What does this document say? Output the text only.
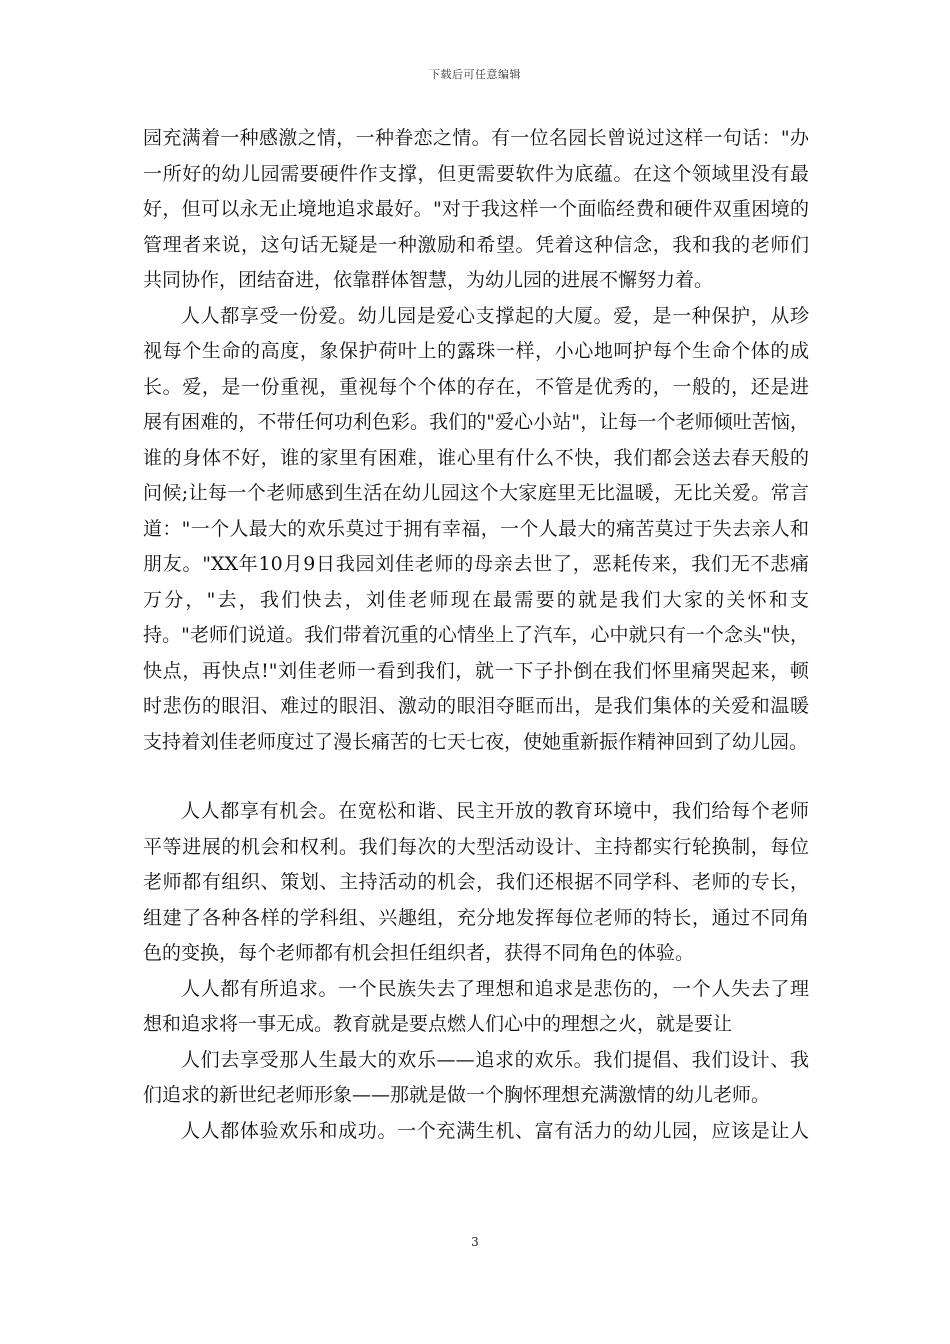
下载后可任意编辑
园充满着一种感激之情，一种眷恋之情。有一位名园长曾说过这样一句话："办
一所好的幼儿园需要硬件作支撑，但更需要软件为底蕴。在这个领域里没有最
好，但可以永无止境地追求最好。"对于我这样一个面临经费和硬件双重困境的
管理者来说，这句话无疑是一种激励和希望。凭着这种信念，我和我的老师们
共同协作，团结奋进，依靠群体智慧，为幼儿园的进展不懈努力着。
人人都享受一份爱。幼儿园是爱心支撑起的大厦。爱，是一种保护，从珍
视每个生命的高度，象保护荷叶上的露珠一样，小心地呵护每个生命个体的成
长。爱，是一份重视，重视每个个体的存在，不管是优秀的，一般的，还是进
展有困难的，不带任何功利色彩。我们的"爱心小站"，让每一个老师倾吐苦恼，
谁的身体不好，谁的家里有困难，谁心里有什么不快，我们都会送去春天般的
问候;让每一个老师感到生活在幼儿园这个大家庭里无比温暖，无比关爱。常言
道："一个人最大的欢乐莫过于拥有幸福，一个人最大的痛苦莫过于失去亲人和
朋友。"XX年10月9日我园刘佳老师的母亲去世了，恶耗传来，我们无不悲痛
万分，"去，我们快去，刘佳老师现在最需要的就是我们大家的关怀和支
持。"老师们说道。我们带着沉重的心情坐上了汽车，心中就只有一个念头"快，
快点，再快点!"刘佳老师一看到我们，就一下子扑倒在我们怀里痛哭起来，顿
时悲伤的眼泪、难过的眼泪、激动的眼泪夺眶而出，是我们集体的关爱和温暖
支持着刘佳老师度过了漫长痛苦的七天七夜，使她重新振作精神回到了幼儿园。
人人都享有机会。在宽松和谐、民主开放的教育环境中，我们给每个老师
平等进展的机会和权利。我们每次的大型活动设计、主持都实行轮换制，每位
老师都有组织、策划、主持活动的机会，我们还根据不同学科、老师的专长，
组建了各种各样的学科组、兴趣组，充分地发挥每位老师的特长，通过不同角
色的变换，每个老师都有机会担任组织者，获得不同角色的体验。
人人都有所追求。一个民族失去了理想和追求是悲伤的，一个人失去了理
想和追求将一事无成。教育就是要点燃人们心中的理想之火，就是要让
人们去享受那人生最大的欢乐——追求的欢乐。我们提倡、我们设计、我
们追求的新世纪老师形象——那就是做一个胸怀理想充满激情的幼儿老师。
人人都体验欢乐和成功。一个充满生机、富有活力的幼儿园，应该是让人
3
